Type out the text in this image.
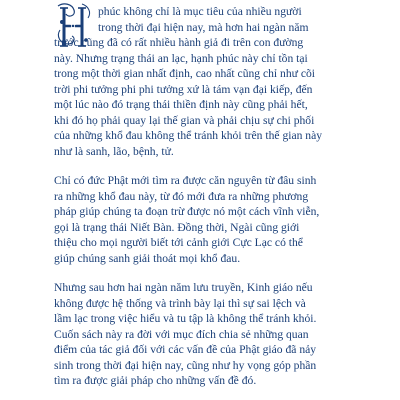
H

phúc không chỉ là mục tiêu của nhiều người
trong thời đại hiện nay, mà hơn hai ngàn năm
trước cũng đã có rất nhiều hành giả đi trên con đường
này. Nhưng trạng thái an lạc, hạnh phúc này chỉ tồn tại
trong một thời gian nhất định, cao nhất cũng chỉ như cõi
trời phi tưởng phi phi tưởng xứ là tám vạn đại kiếp, đến
một lúc nào đó trạng thái thiền định này cũng phải hết,
khi đó họ phải quay lại thế gian và phải chịu sự chi phối
của những khổ đau không thể tránh khỏi trên thế gian này
như là sanh, lão, bệnh, tử.

Chỉ có đức Phật mới tìm ra được căn nguyên từ đâu sinh
ra những khổ đau này, từ đó mới đưa ra những phương
pháp giúp chúng ta đoạn trừ được nó một cách vĩnh viễn,
gọi là trạng thái Niết Bàn. Đồng thời, Ngài cũng giới
thiệu cho mọi người biết tới cảnh giới Cực Lạc có thể
giúp chúng sanh giải thoát mọi khổ đau.

Nhưng sau hơn hai ngàn năm lưu truyền, Kinh giáo nếu
không được hệ thống và trình bày lại thì sự sai lệch và
lầm lạc trong việc hiểu và tu tập là không thể tránh khỏi.
Cuốn sách này ra đời với mục đích chia sẻ những quan
điểm của tác giả đối với các vấn đề của Phật giáo đã nảy
sinh trong thời đại hiện nay, cũng như hy vọng góp phần
tìm ra được giải pháp cho những vấn đề đó.
